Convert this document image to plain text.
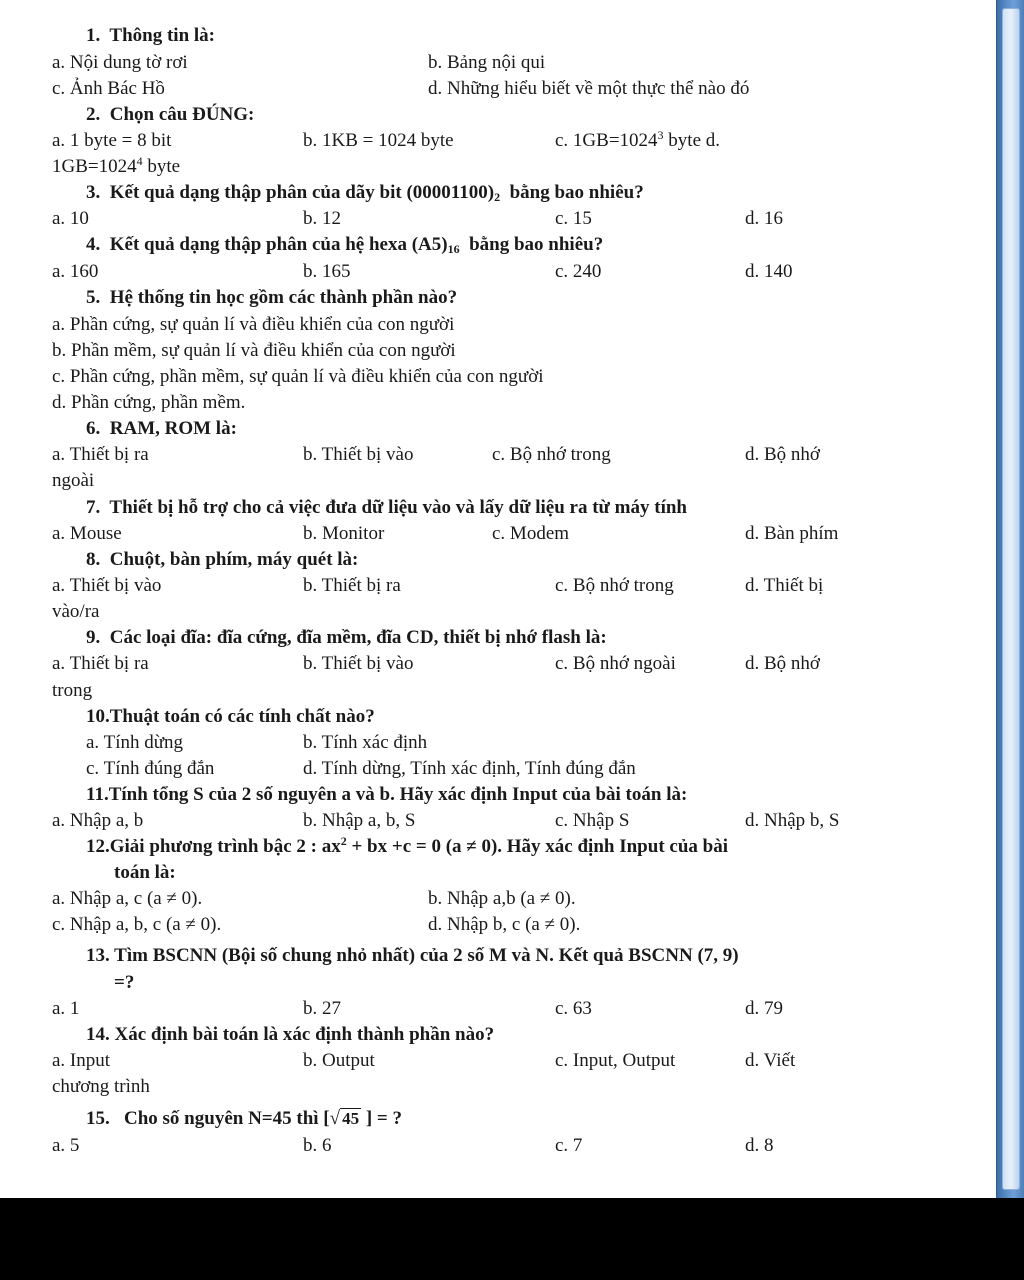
1. Thông tin là:
a. Nội dung tờ rơi	b. Bảng nội qui
c. Ảnh Bác Hồ	d. Những hiểu biết về một thực thể nào đó
2. Chọn câu ĐÚNG:
a. 1 byte = 8 bit	b. 1KB = 1024 byte	c. $1GB=1024^3$ byte d.
$1GB=1024^4$ byte
3. Kết quả dạng thập phân của dãy bit $(00001100)_2$ bằng bao nhiêu?
a. 10	b. 12	c. 15	d. 16
4. Kết quả dạng thập phân của hệ hexa $(A5)_{16}$ bằng bao nhiêu?
a. 160	b. 165	c. 240	d. 140
5. Hệ thống tin học gồm các thành phần nào?
a. Phần cứng, sự quản lí và điều khiển của con người
b. Phần mềm, sự quản lí và điều khiển của con người
c. Phần cứng, phần mềm, sự quản lí và điều khiển của con người
d. Phần cứng, phần mềm.
6. RAM, ROM là:
a. Thiết bị ra	b. Thiết bị vào	c. Bộ nhớ trong	d. Bộ nhớ
ngoài
7. Thiết bị hỗ trợ cho cả việc đưa dữ liệu vào và lấy dữ liệu ra từ máy tính
a. Mouse	b. Monitor	c. Modem	d. Bàn phím
8. Chuột, bàn phím, máy quét là:
a. Thiết bị vào	b. Thiết bị ra	c. Bộ nhớ trong	d. Thiết bị
vào/ra
9. Các loại đĩa: đĩa cứng, đĩa mềm, đĩa CD, thiết bị nhớ flash là:
a. Thiết bị ra	b. Thiết bị vào	c. Bộ nhớ ngoài	d. Bộ nhớ
trong
10.Thuật toán có các tính chất nào?
a. Tính dừng	b. Tính xác định
c. Tính đúng đắn	d. Tính dừng, Tính xác định, Tính đúng đắn
11.Tính tổng S của 2 số nguyên a và b. Hãy xác định Input của bài toán là:
a. Nhập a, b	b. Nhập a, b, S	c. Nhập S	d. Nhập b, S
12.Giải phương trình bậc 2 : $ax^2$ + bx +c = 0 (a ≠ 0). Hãy xác định Input của bài
toán là:
a. Nhập a, c (a ≠ 0).	b. Nhập a,b (a ≠ 0).
c. Nhập a, b, c (a ≠ 0).	d. Nhập b, c (a ≠ 0).
13. Tìm BSCNN (Bội số chung nhỏ nhất) của 2 số M và N. Kết quả BSCNN (7, 9)
=?
a. 1	b. 27	c. 63	d. 79
14. Xác định bài toán là xác định thành phần nào?
a. Input	b. Output	c. Input, Output	d. Viết
chương trình
15. Cho số nguyên N=45 thì [√ 45 ] = ?
a. 5	b. 6	c. 7	d. 8
